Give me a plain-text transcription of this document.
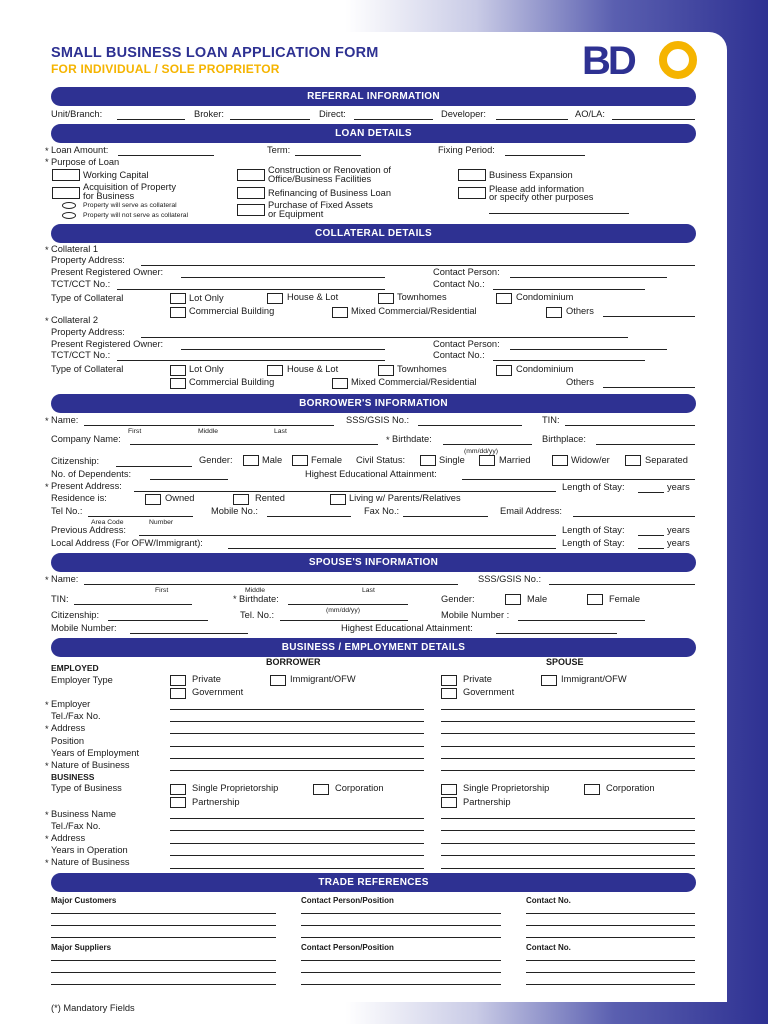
SMALL BUSINESS LOAN APPLICATION FORM
FOR INDIVIDUAL / SOLE PROPRIETOR	BD
REFERRAL INFORMATION
Unit/Branch:	Broker:	Direct:	Developer:	AO/LA:
LOAN DETAILS
* Loan Amount:	Term:	Fixing Period:
* Purpose of Loan
Working Capital
Acquisition of Property
for Business
Property will serve as collateral
Property will not serve as collateral
Construction or Renovation of
Office/Business Facilities
Refinancing of Business Loan
Purchase of Fixed Assets
or Equipment
Business Expansion
Please add information
or specify other purposes
COLLATERAL DETAILS
* Collateral 1
Property Address:
Present Registered Owner:	Contact Person:
TCT/CCT No.:	Contact No.:
Type of Collateral	Lot Only	House & Lot	Townhomes	Condominium
Commercial Building	Mixed Commercial/Residential	Others
* Collateral 2
Property Address:
Present Registered Owner:	Contact Person:
TCT/CCT No.:	Contact No.:
Type of Collateral	Lot Only	House & Lot	Townhomes	Condominium
Commercial Building	Mixed Commercial/Residential	Others
BORROWER'S INFORMATION
* Name:
First	Middle	Last
SSS/GSIS No.:	TIN:
Company Name:	* Birthdate:
(mm/dd/yy)
Birthplace:
Citizenship:	Gender:	Male	Female Civil Status:	Single	Married	Widow/er	Separated
No. of Dependents:	Highest Educational Attainment:
* Present Address:	Length of Stay:	years
Residence is:	Owned	Rented	Living w/ Parents/Relatives
Tel No.:
Area Code	Number
Mobile No.:	Fax No.:	Email Address:
Previous Address:	Length of Stay:	years
Local Address (For OFW/Immigrant):	Length of Stay:	years
SPOUSE'S INFORMATION
* Name:
First	Middle	Last
SSS/GSIS No.:
TIN:	* Birthdate:
(mm/dd/yy)
Gender:	Male	Female
Citizenship:	Tel. No.:	Mobile Number :
Mobile Number:	Highest Educational Attainment:
BUSINESS / EMPLOYMENT DETAILS
BORROWER	SPOUSE
EMPLOYED
Employer Type	Private	Immigrant/OFW
Government
Private	Immigrant/OFW
Government
* Employer
Tel./Fax No.
* Address
Position
Years of Employment
* Nature of Business
BUSINESS
Type of Business	Single Proprietorship	Corporation
Partnership
Single Proprietorship	Corporation
Partnership
* Business Name
Tel./Fax No.
* Address
Years in Operation
* Nature of Business
TRADE REFERENCES
Major Customers	Contact Person/Position	Contact No.
Major Suppliers	Contact Person/Position	Contact No.
(*) Mandatory Fields
